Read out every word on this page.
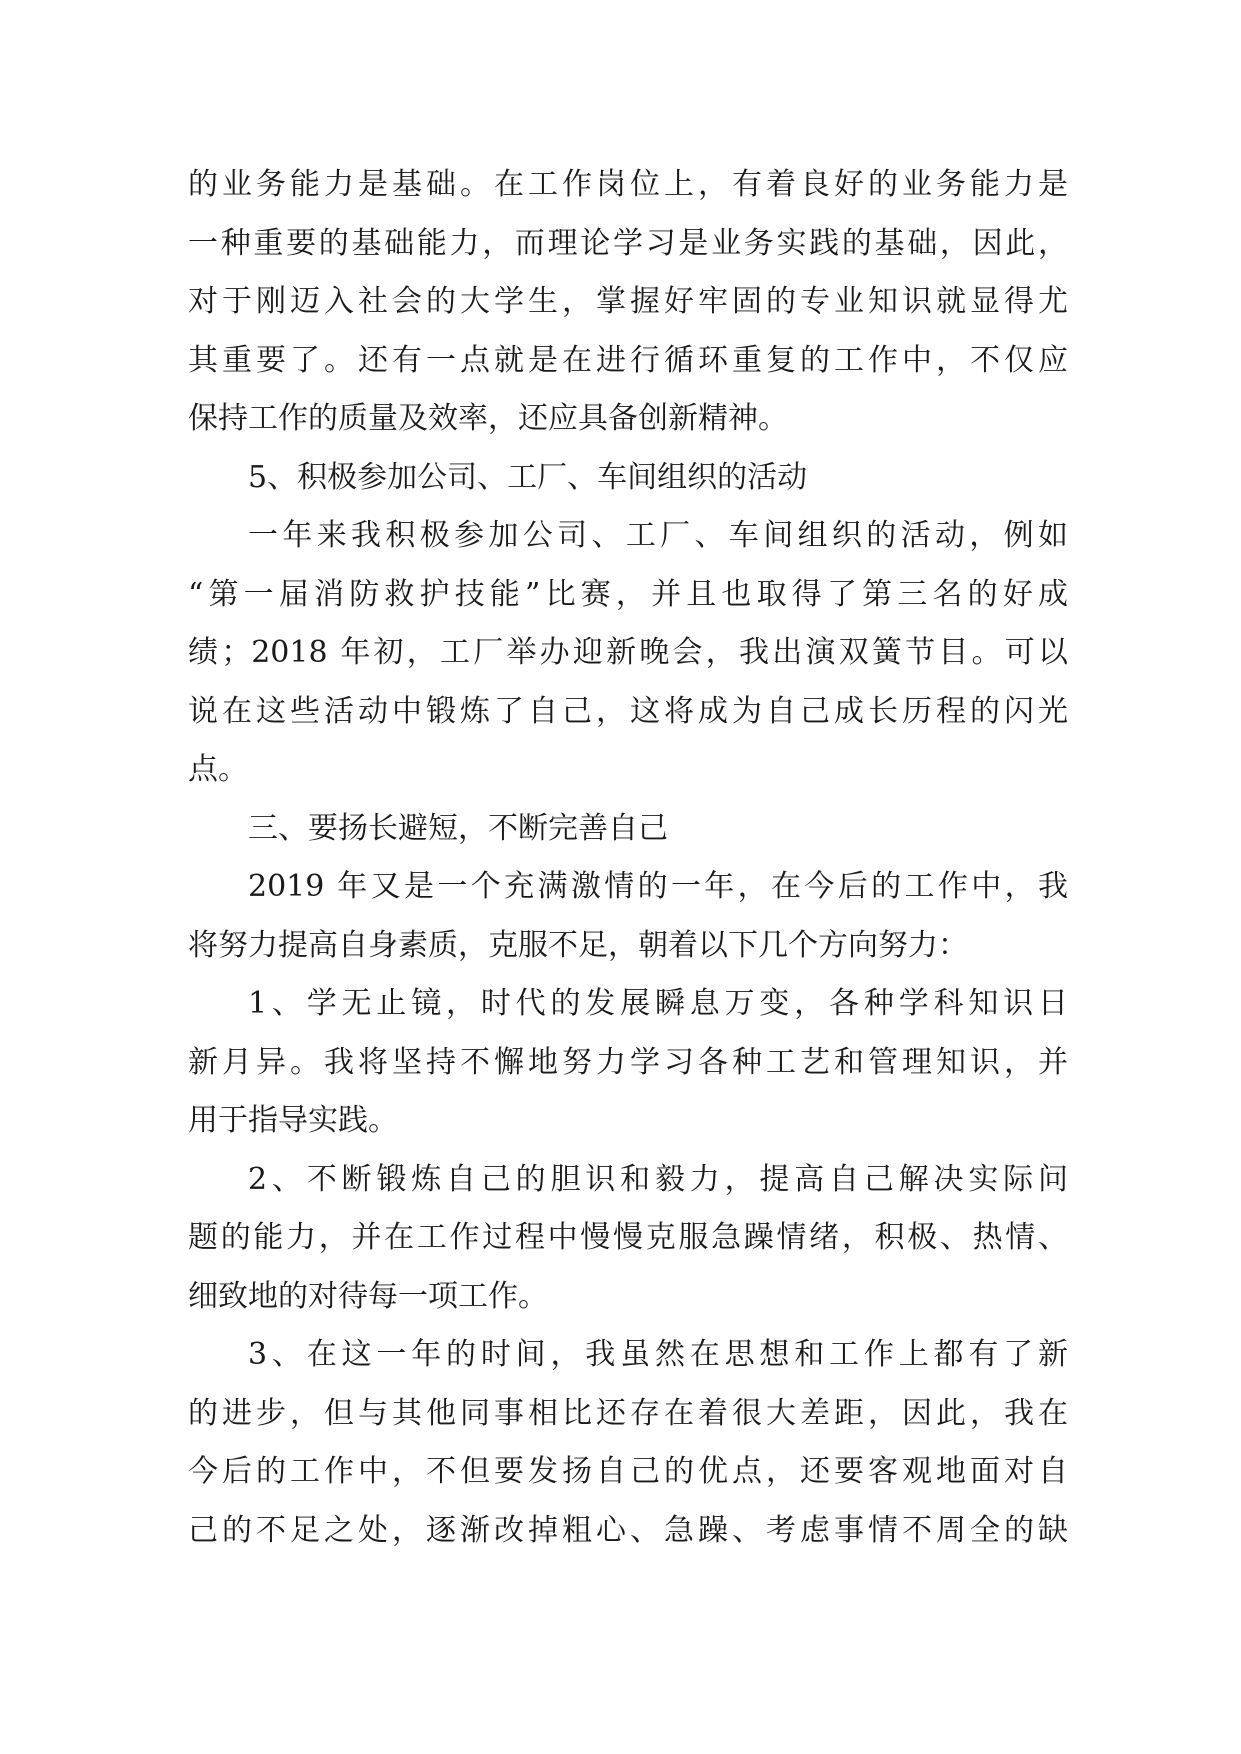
的业务能力是基础。在工作岗位上，有着良好的业务能力是
一种重要的基础能力，而理论学习是业务实践的基础，因此，
对于刚迈入社会的大学生，掌握好牢固的专业知识就显得尤
其重要了。还有一点就是在进行循环重复的工作中，不仅应
保持工作的质量及效率，还应具备创新精神。
5、积极参加公司、工厂、车间组织的活动
一年来我积极参加公司、工厂、车间组织的活动，例如
“第一届消防救护技能”比赛，并且也取得了第三名的好成
绩；2018 年初，工厂举办迎新晚会，我出演双簧节目。可以
说在这些活动中锻炼了自己，这将成为自己成长历程的闪光
点。
三、要扬长避短，不断完善自己
2019 年又是一个充满激情的一年，在今后的工作中，我
将努力提高自身素质，克服不足，朝着以下几个方向努力：
1、学无止镜，时代的发展瞬息万变，各种学科知识日
新月异。我将坚持不懈地努力学习各种工艺和管理知识，并
用于指导实践。
2、不断锻炼自己的胆识和毅力，提高自己解决实际问
题的能力，并在工作过程中慢慢克服急躁情绪，积极、热情、
细致地的对待每一项工作。
3、在这一年的时间，我虽然在思想和工作上都有了新
的进步，但与其他同事相比还存在着很大差距，因此，我在
今后的工作中，不但要发扬自己的优点，还要客观地面对自
己的不足之处，逐渐改掉粗心、急躁、考虑事情不周全的缺
